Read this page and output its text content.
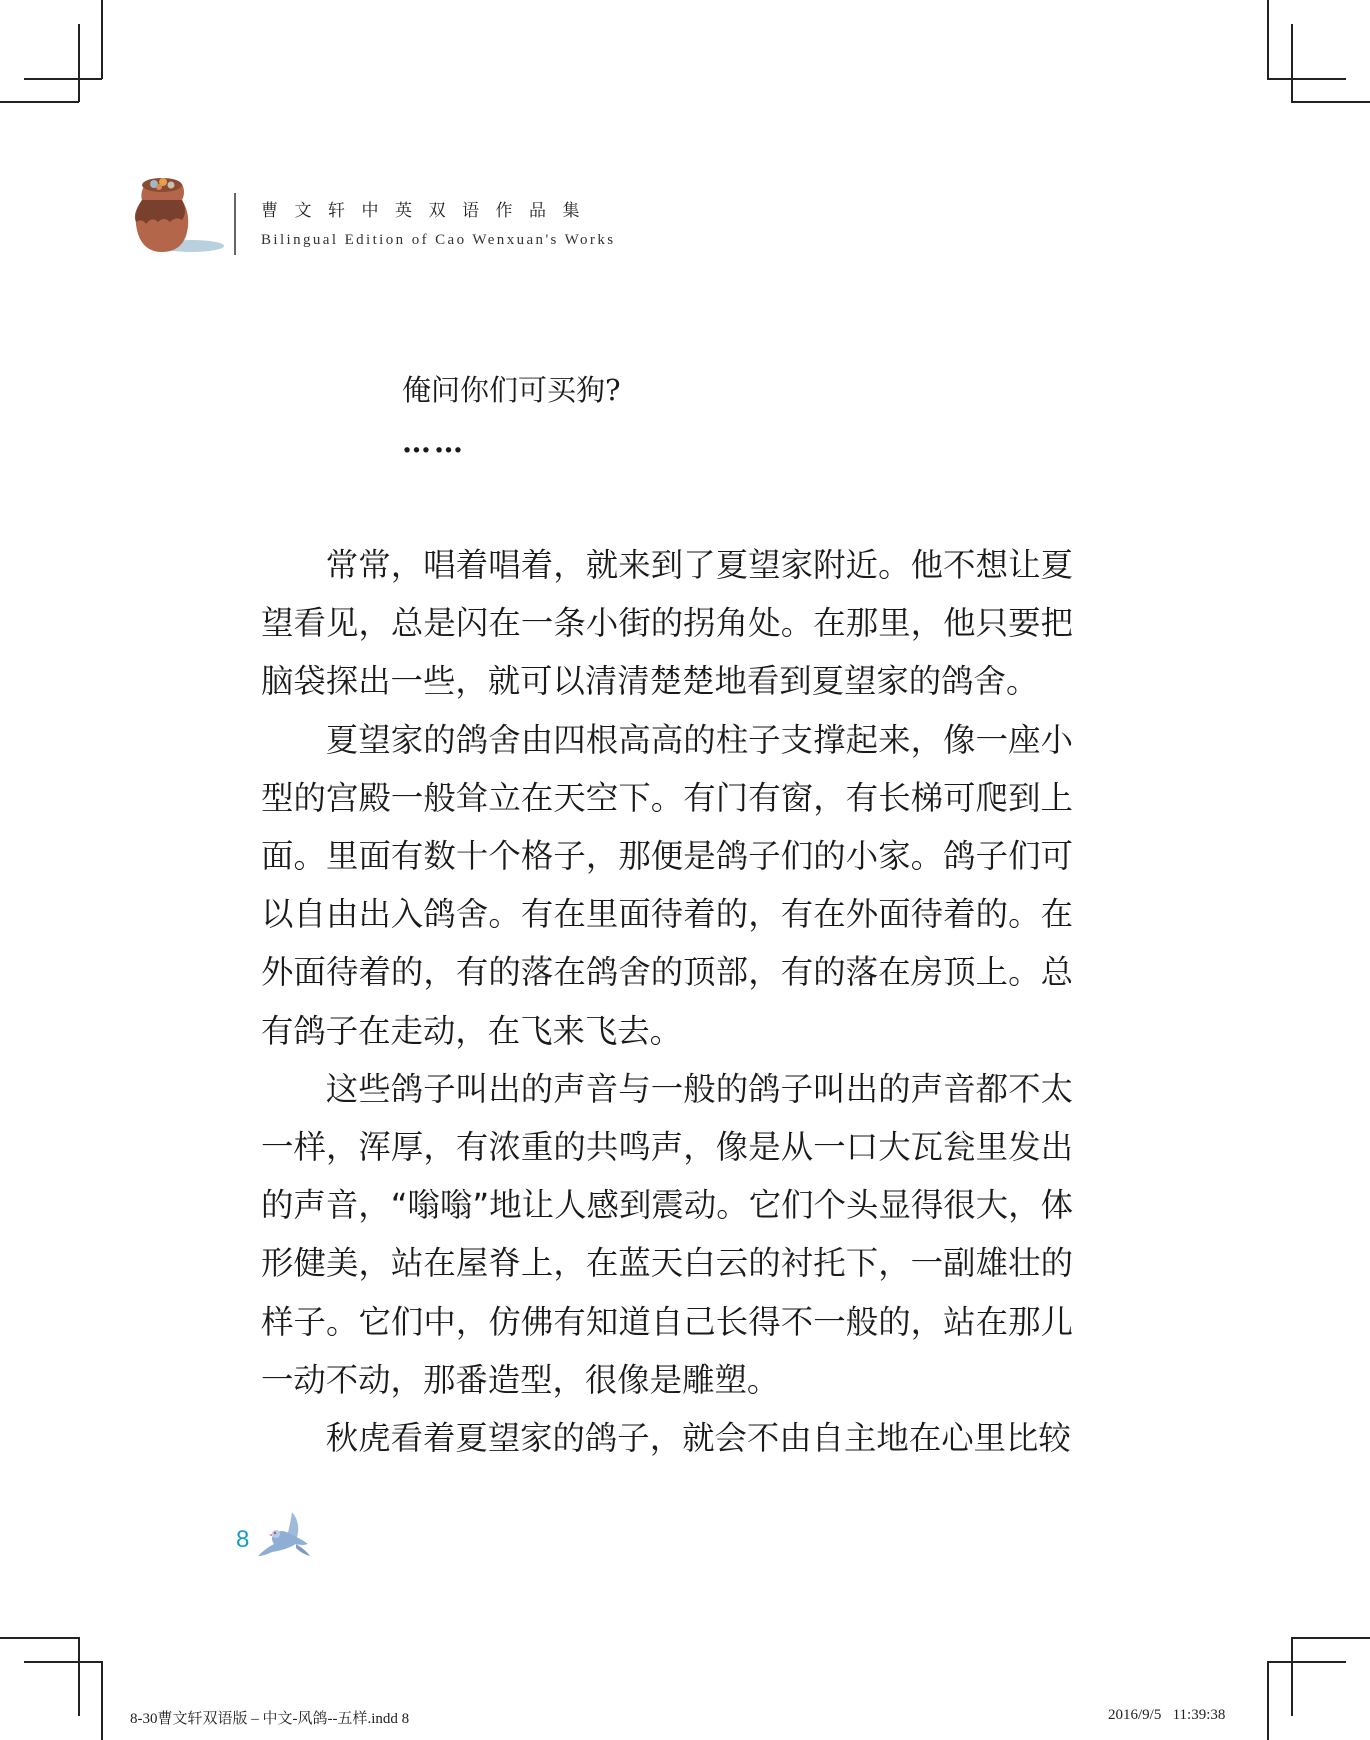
曹文轩中英双语作品集
Bilingual Edition of Cao Wenxuan's Works
俺问你们可买狗?
……

常常，唱着唱着，就来到了夏望家附近。他不想让夏望看见，总是闪在一条小街的拐角处。在那里，他只要把脑袋探出一些，就可以清清楚楚地看到夏望家的鸽舍。

夏望家的鸽舍由四根高高的柱子支撑起来，像一座小型的宫殿一般耸立在天空下。有门有窗，有长梯可爬到上面。里面有数十个格子，那便是鸽子们的小家。鸽子们可以自由出入鸽舍。有在里面待着的，有在外面待着的。在外面待着的，有的落在鸽舍的顶部，有的落在房顶上。总有鸽子在走动，在飞来飞去。

这些鸽子叫出的声音与一般的鸽子叫出的声音都不太一样，浑厚，有浓重的共鸣声，像是从一口大瓦瓮里发出的声音，“嗡嗡”地让人感到震动。它们个头显得很大，体形健美，站在屋脊上，在蓝天白云的衬托下，一副雄壮的样子。它们中，仿佛有知道自己长得不一般的，站在那儿一动不动，那番造型，很像是雕塑。

秋虎看着夏望家的鸽子，就会不由自主地在心里比较

8
8-30曹文轩双语版 – 中文-风鸽--五样.indd 8	2016/9/5   11:39:38
